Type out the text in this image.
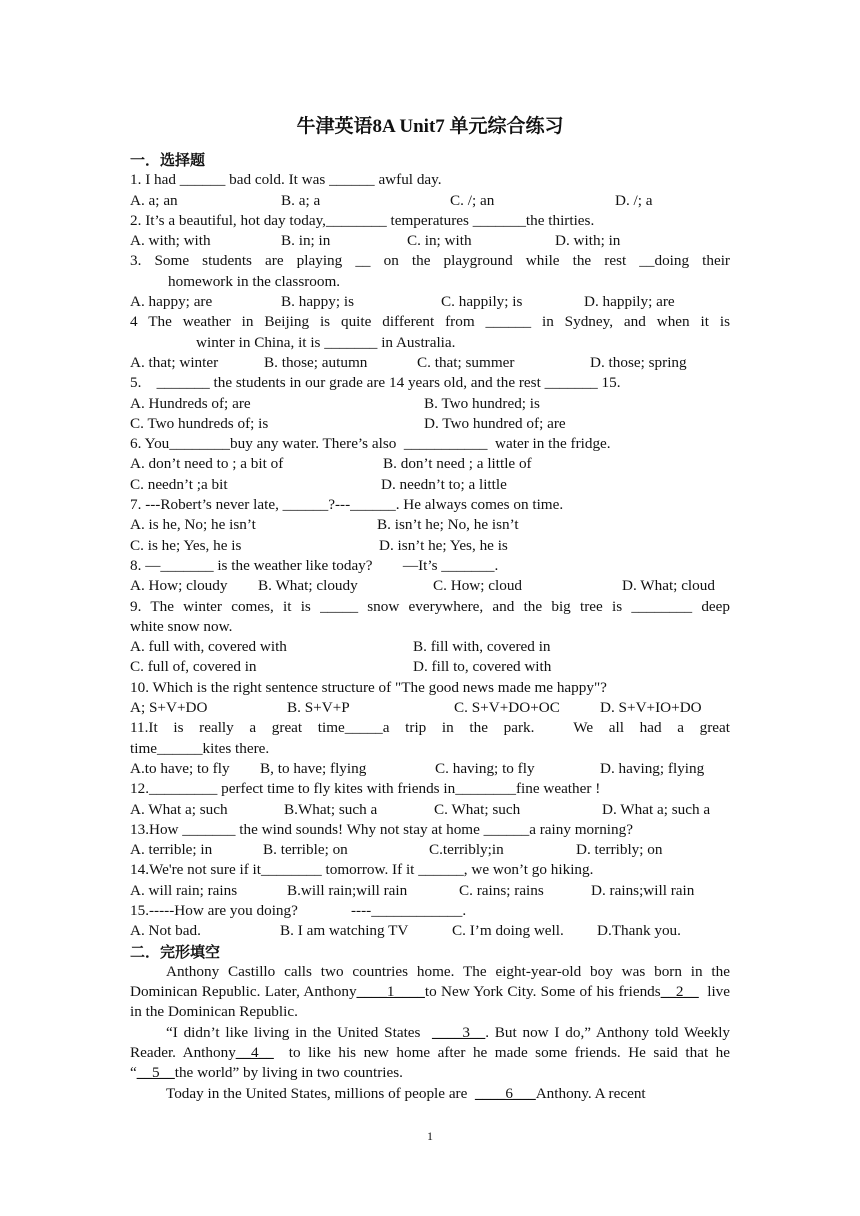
牛津英语8A Unit7 单元综合练习
一．选择题
1. I had ______ bad cold. It was ______ awful day.
A. a; an	B. a; a	C. /; an	D. /; a
2. It’s a beautiful, hot day today,________ temperatures _______the thirties.
A. with; with	B. in; in	C. in; with	D. with; in
3. Some students are playing __ on the playground while the rest __doing their
homework in the classroom.
A. happy; are	B. happy; is	C. happily; is	D. happily; are
4 The weather in Beijing is quite different from ______ in Sydney, and when it is
winter in China, it is _______ in Australia.
A. that; winter	B. those; autumn	C. that; summer	D. those; spring
5.    _______ the students in our grade are 14 years old, and the rest _______ 15.
A. Hundreds of; are	B. Two hundred; is
C. Two hundreds of; is	D. Two hundred of; are
6. You________buy any water. There’s also  ___________  water in the fridge.
A. don’t need to ; a bit of	B. don’t need ; a little of
C. needn’t ;a bit	D. needn’t to; a little
7. ---Robert’s never late, ______?---______. He always comes on time.
A. is he, No; he isn’t	B. isn’t he; No, he isn’t
C. is he; Yes, he is	D. isn’t he; Yes, he is
8. —_______ is the weather like today?        —It’s _______.
A. How; cloudy	B. What; cloudy	C. How; cloud	D. What; cloud
9. The winter comes, it is _____ snow everywhere, and the big tree is ________ deep
white snow now.
A. full with, covered with	B. fill with, covered in
C. full of, covered in	D. fill to, covered with
10. Which is the right sentence structure of "The good news made me happy"?
A; S+V+DO	B. S+V+P	C. S+V+DO+OC	D. S+V+IO+DO
11.It  is  really  a  great  time_____a  trip  in  the  park.     We  all  had  a  great
time______kites there.
A.to have; to fly	B, to have; flying	C. having; to fly	D. having; flying
12._________ perfect time to fly kites with friends in________fine weather !
A. What a; such	B.What; such a	C. What; such	D. What a; such a
13.How _______ the wind sounds! Why not stay at home ______a rainy morning?
A. terrible; in	B. terrible; on	C.terribly;in	D. terribly; on
14.We're not sure if it________ tomorrow. If it ______, we won’t go hiking.
A. will rain; rains	B.will rain;will rain	C. rains; rains	D. rains;will rain
15.-----How are you doing?              ----____________.
A. Not bad.	B. I am watching TV	C. I’m doing well.	D.Thank you.
二．完形填空
Anthony Castillo calls two countries home. The eight-year-old boy was born in the Dominican Republic. Later, Anthony____1____to New York City. Some of his friends__2__  live in the Dominican Republic.
“I didn’t like living in the United States  ____3__. But now I do,” Anthony told Weekly Reader. Anthony__4__  to like his new home after he made some friends. He said that he “__5__the world” by living in two countries.
Today in the United States, millions of people are  ____6___Anthony. A recent
1
